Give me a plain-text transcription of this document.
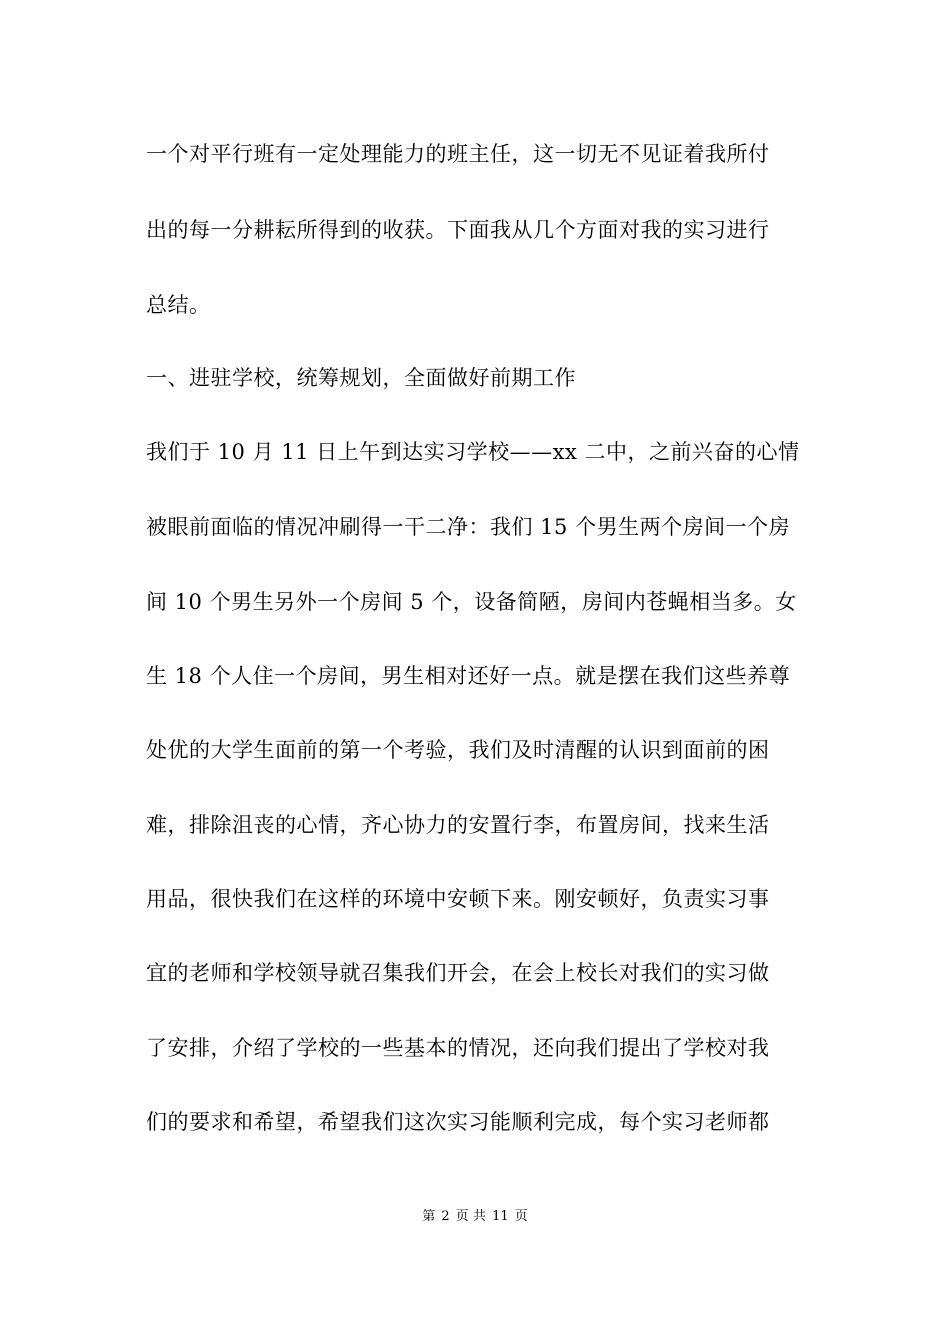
一个对平行班有一定处理能力的班主任，这一切无不见证着我所付
出的每一分耕耘所得到的收获。下面我从几个方面对我的实习进行
总结。
一、进驻学校，统筹规划，全面做好前期工作
我们于 10 月 11 日上午到达实习学校——xx 二中，之前兴奋的心情
被眼前面临的情况冲刷得一干二净：我们 15 个男生两个房间一个房
间 10 个男生另外一个房间 5 个，设备简陋，房间内苍蝇相当多。女
生 18 个人住一个房间，男生相对还好一点。就是摆在我们这些养尊
处优的大学生面前的第一个考验，我们及时清醒的认识到面前的困
难，排除沮丧的心情，齐心协力的安置行李，布置房间，找来生活
用品，很快我们在这样的环境中安顿下来。刚安顿好，负责实习事
宜的老师和学校领导就召集我们开会，在会上校长对我们的实习做
了安排，介绍了学校的一些基本的情况，还向我们提出了学校对我
们的要求和希望，希望我们这次实习能顺利完成，每个实习老师都
第 2 页 共 11 页
